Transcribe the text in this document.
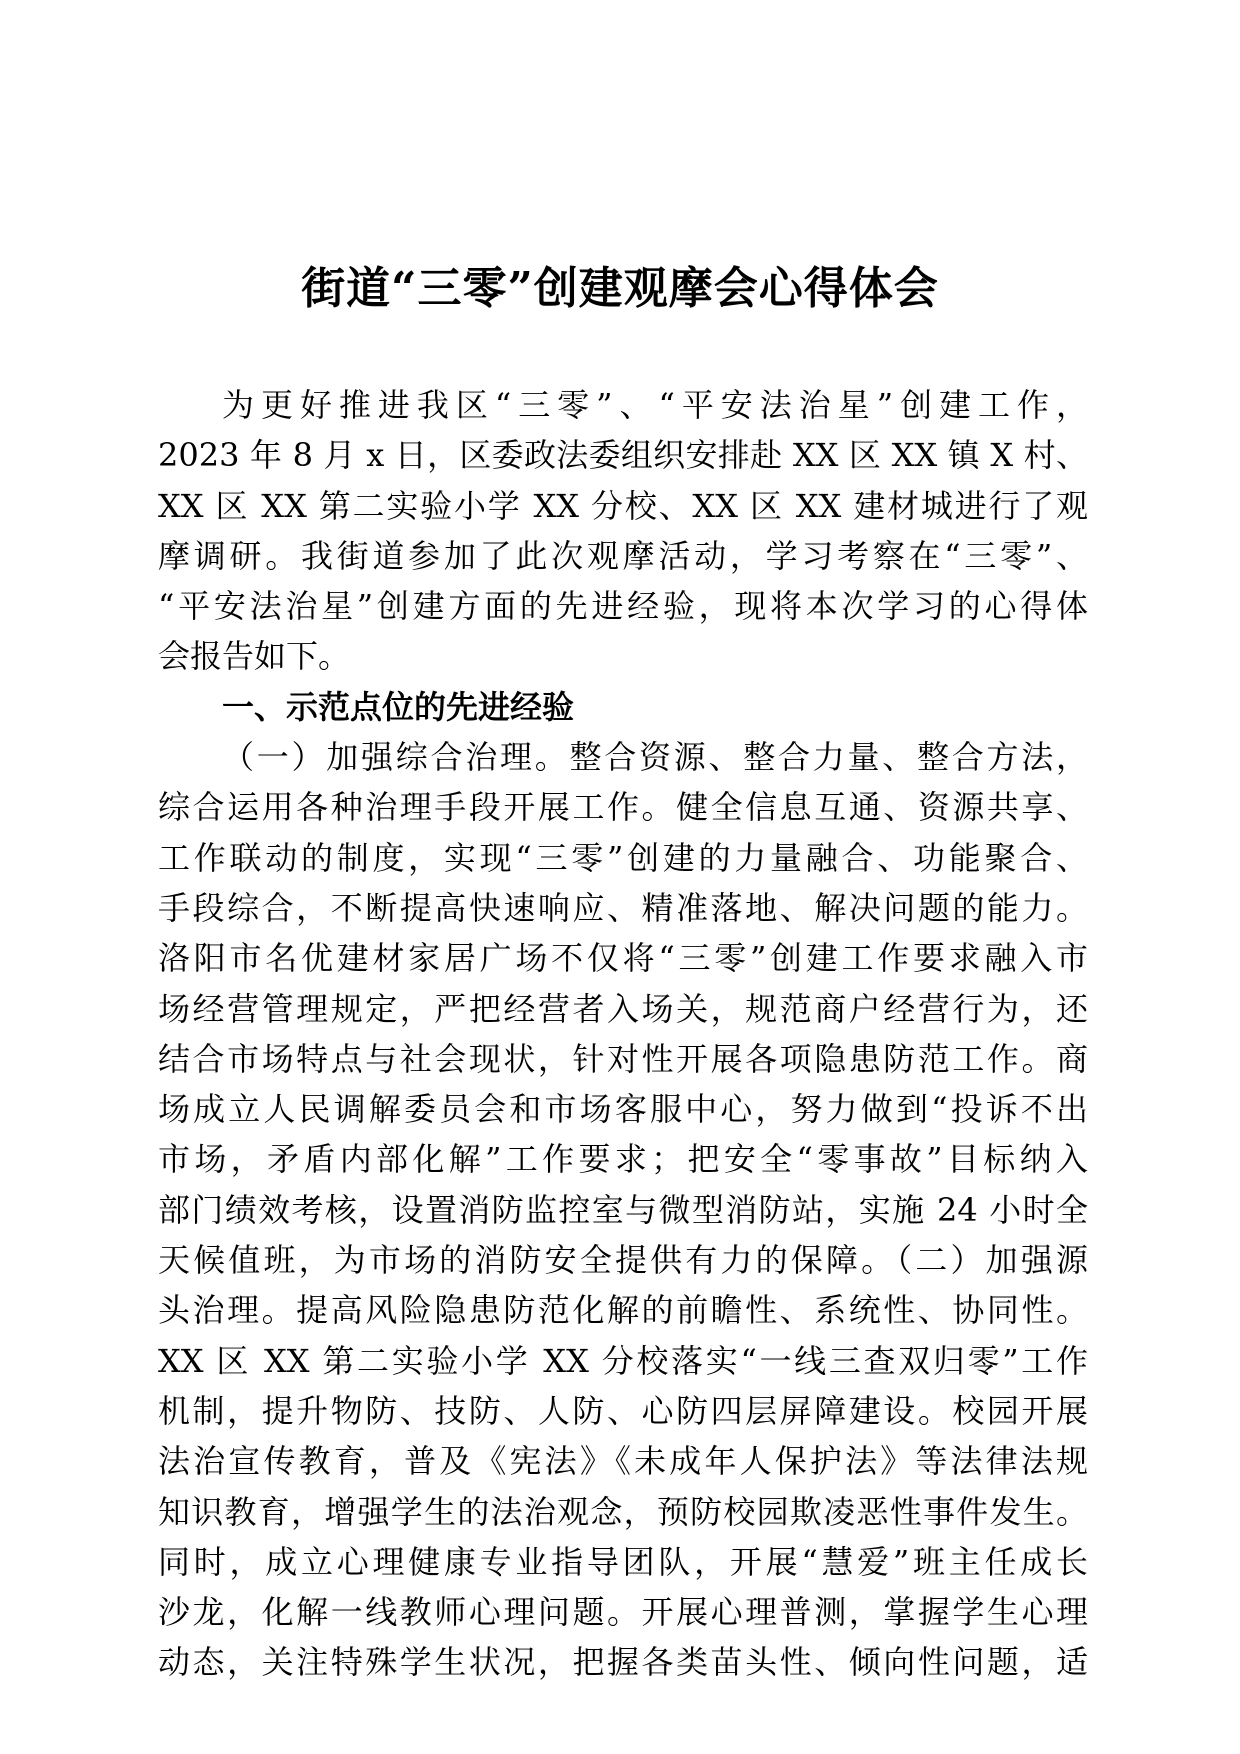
街道“三零”创建观摩会心得体会
为更好推进我区“三零”、“平安法治星”创建工作，
2023 年 8 月 x 日，区委政法委组织安排赴 XX 区 XX 镇 X 村、
XX 区 XX 第二实验小学 XX 分校、XX 区 XX 建材城进行了观
摩调研。我街道参加了此次观摩活动，学习考察在“三零”、
“平安法治星”创建方面的先进经验，现将本次学习的心得体
会报告如下。
一、示范点位的先进经验
（一）加强综合治理。整合资源、整合力量、整合方法，
综合运用各种治理手段开展工作。健全信息互通、资源共享、
工作联动的制度，实现“三零”创建的力量融合、功能聚合、
手段综合，不断提高快速响应、精准落地、解决问题的能力。
洛阳市名优建材家居广场不仅将“三零”创建工作要求融入市
场经营管理规定，严把经营者入场关，规范商户经营行为，还
结合市场特点与社会现状，针对性开展各项隐患防范工作。商
场成立人民调解委员会和市场客服中心，努力做到“投诉不出
市场，矛盾内部化解”工作要求；把安全“零事故”目标纳入
部门绩效考核，设置消防监控室与微型消防站，实施 24 小时全
天候值班，为市场的消防安全提供有力的保障。（二）加强源
头治理。提高风险隐患防范化解的前瞻性、系统性、协同性。
XX 区 XX 第二实验小学 XX 分校落实“一线三查双归零”工作
机制，提升物防、技防、人防、心防四层屏障建设。校园开展
法治宣传教育，普及《宪法》《未成年人保护法》等法律法规
知识教育，增强学生的法治观念，预防校园欺凌恶性事件发生。
同时，成立心理健康专业指导团队，开展“慧爱”班主任成长
沙龙，化解一线教师心理问题。开展心理普测，掌握学生心理
动态，关注特殊学生状况，把握各类苗头性、倾向性问题，适
